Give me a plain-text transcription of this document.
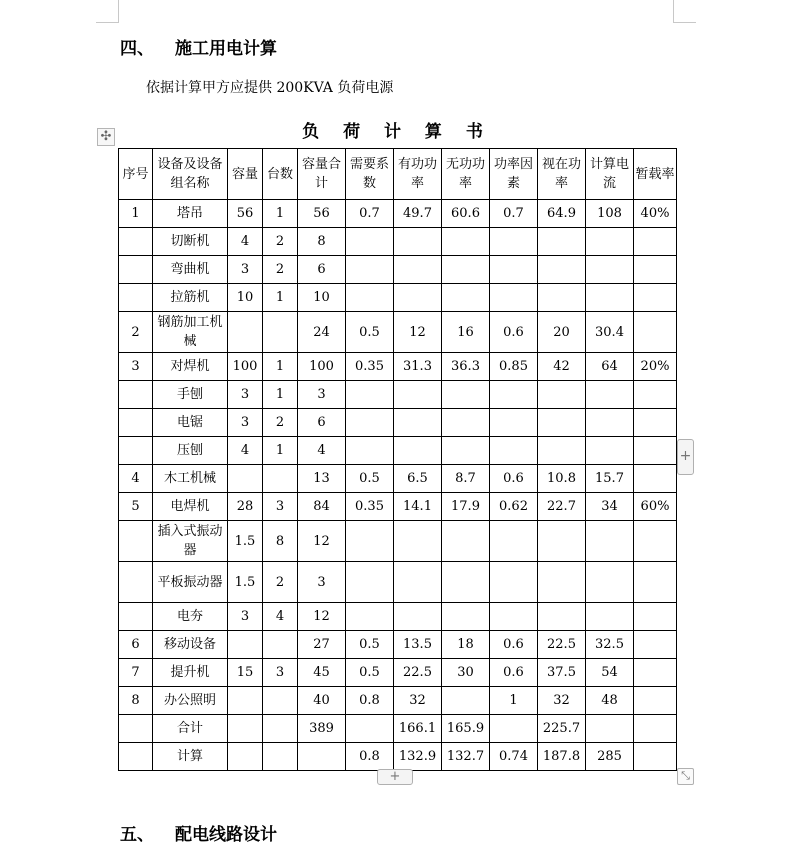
四、 施工用电计算
依据计算甲方应提供 200KVA 负荷电源
✣	负 荷 计 算 书
序号	设备及设备组名称	容量	台数	容量合计	需要系数	有功功率	无功功率	功率因素	视在功率	计算电流	暂载率
1	塔吊	56	1	56	0.7	49.7	60.6	0.7	64.9	108	40%
	切断机	4	2	8							
	弯曲机	3	2	6							
	拉筋机	10	1	10							
2	钢筋加工机械			24	0.5	12	16	0.6	20	30.4	
3	对焊机	100	1	100	0.35	31.3	36.3	0.85	42	64	20%
	手刨	3	1	3							
	电锯	3	2	6							
	压刨	4	1	4							
4	木工机械			13	0.5	6.5	8.7	0.6	10.8	15.7	
5	电焊机	28	3	84	0.35	14.1	17.9	0.62	22.7	34	60%
	插入式振动器	1.5	8	12							
	平板振动器	1.5	2	3							
	电夯	3	4	12							
6	移动设备			27	0.5	13.5	18	0.6	22.5	32.5	
7	提升机	15	3	45	0.5	22.5	30	0.6	37.5	54	
8	办公照明			40	0.8	32		1	32	48	
	合计			389		166.1	165.9		225.7		
	计算				0.8	132.9	132.7	0.74	187.8	285	
+
+	⤡
五、 配电线路设计
